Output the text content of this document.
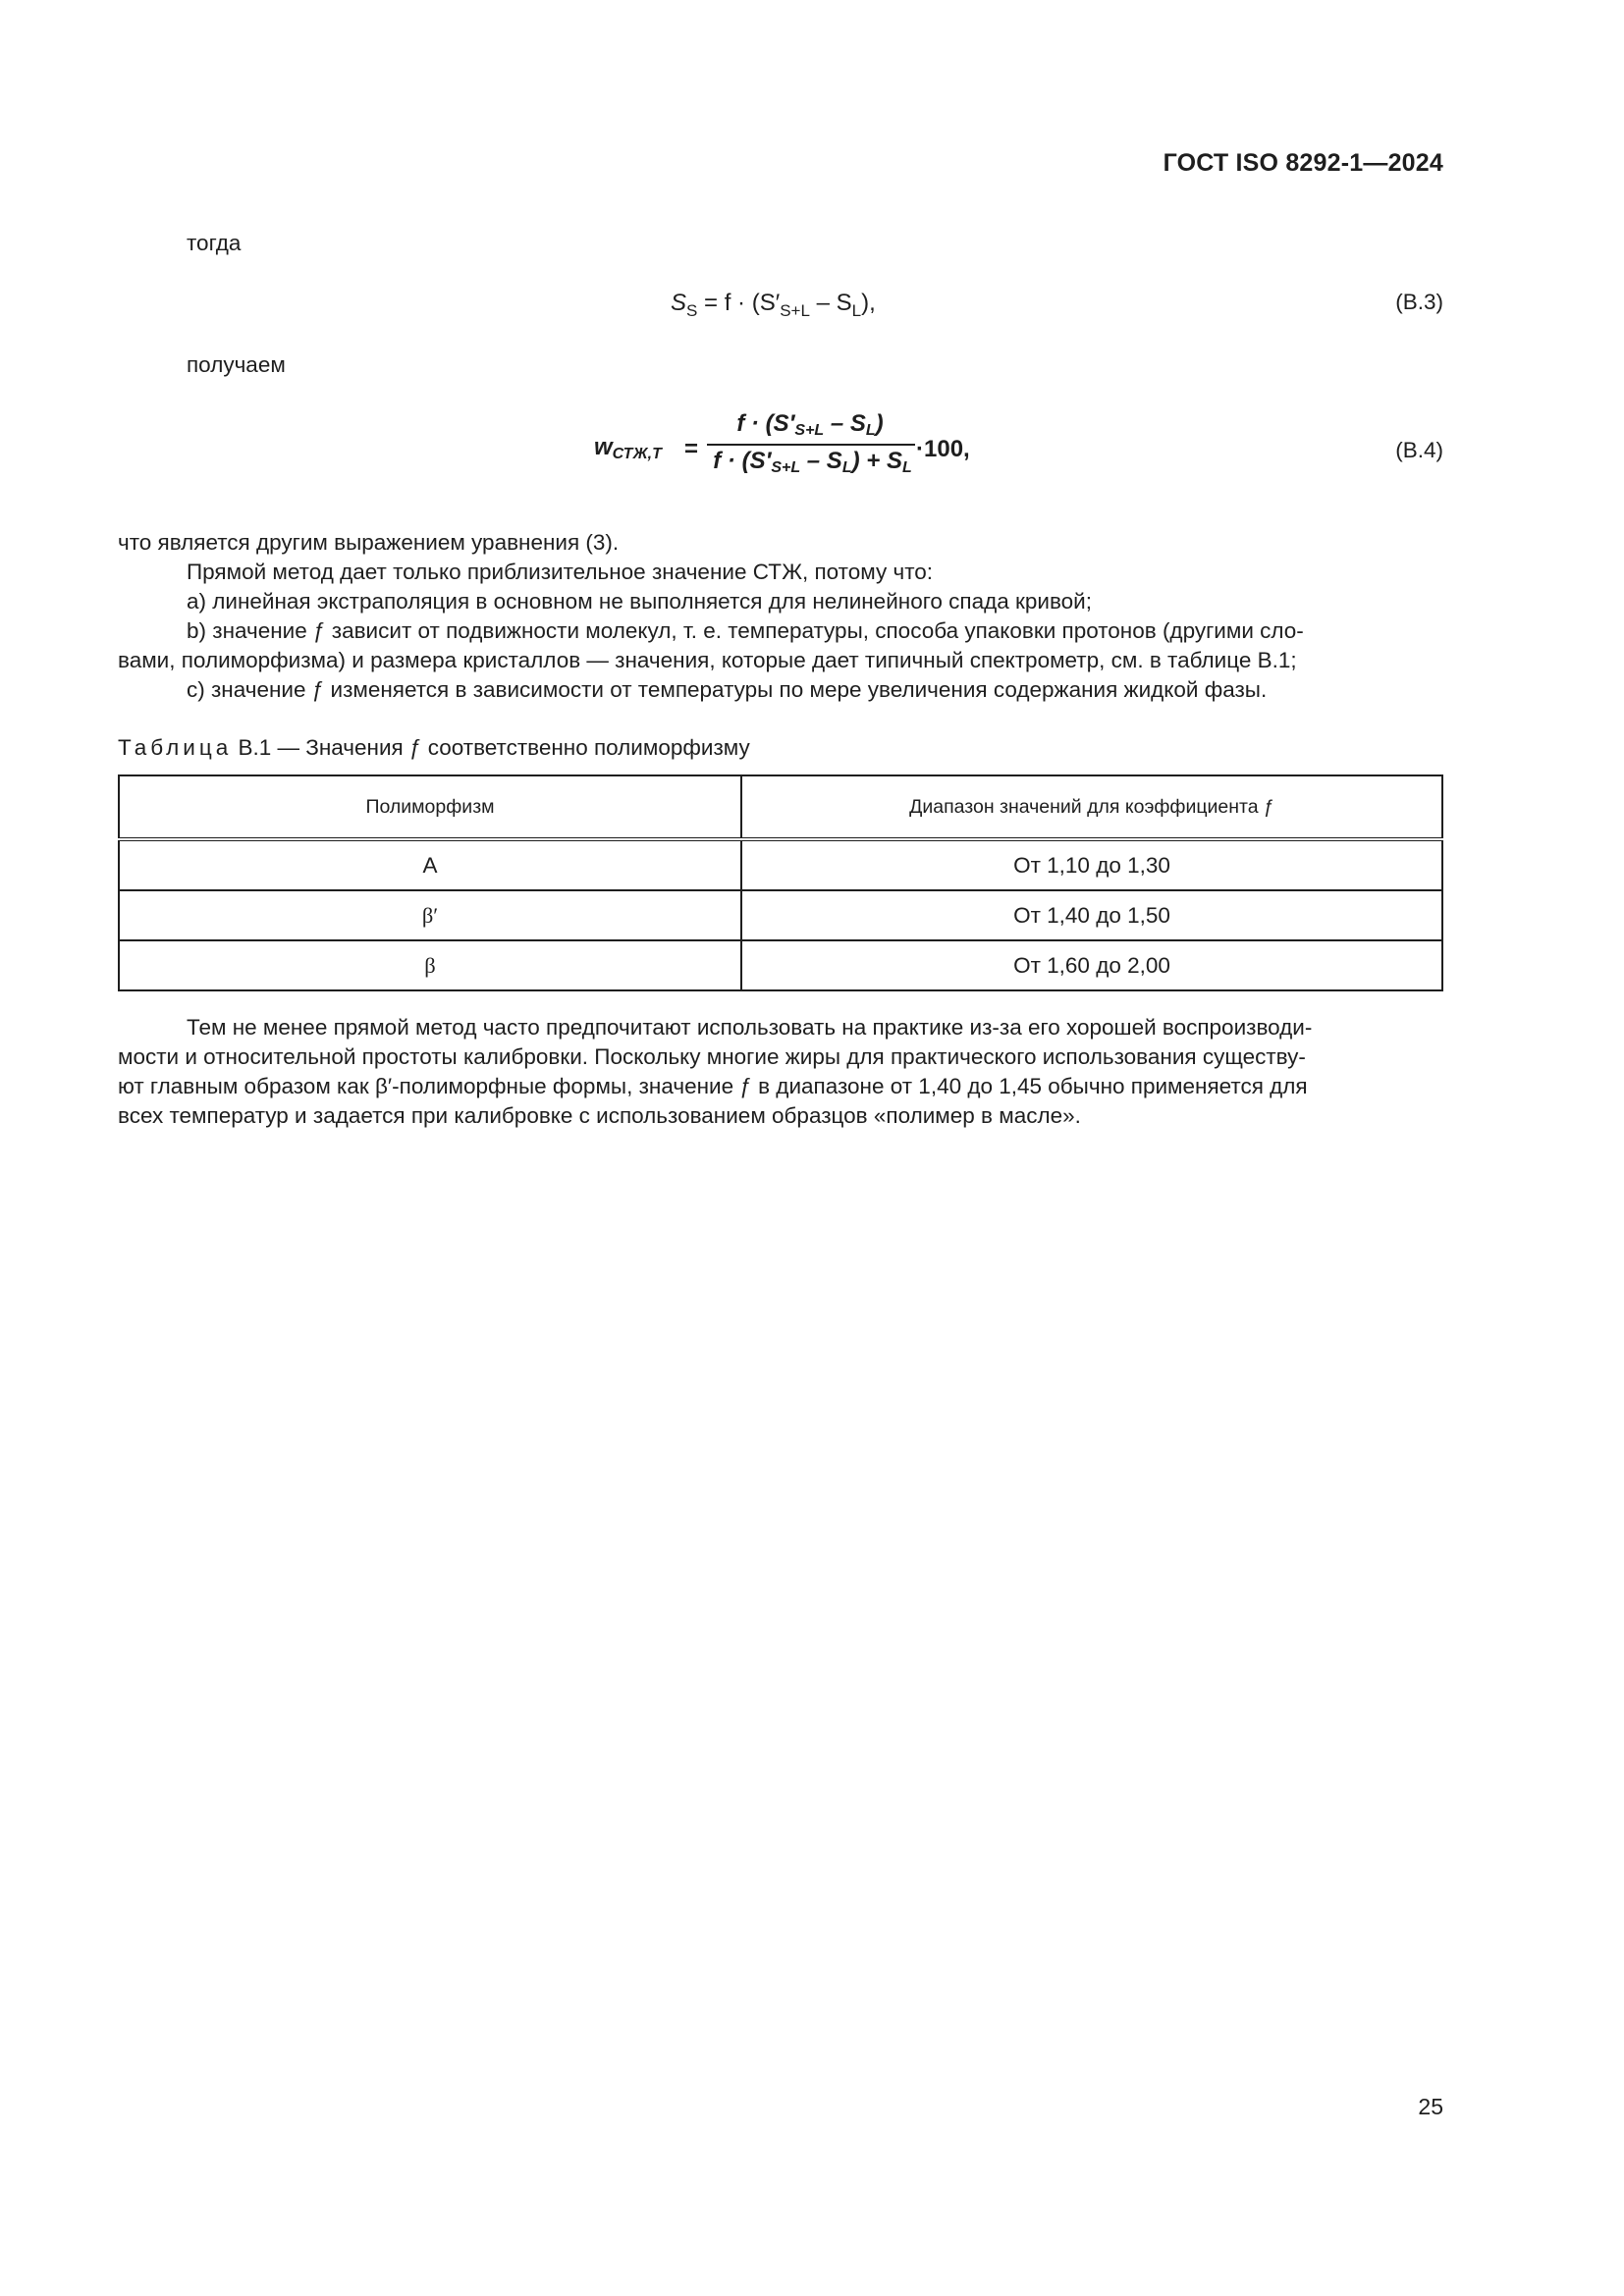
ГОСТ ISO 8292-1—2024
тогда
$S_S = f \cdot (S'_{S+L} - S_L)$,	(B.3)
получаем
wСТЖ,T =
f · (S′S+L – SL)
f · (S′S+L – SL) + SL
·100,	(B.4)
что является другим выражением уравнения (3).
Прямой метод дает только приблизительное значение СТЖ, потому что:
a) линейная экстраполяция в основном не выполняется для нелинейного спада кривой;
b) значение ƒ зависит от подвижности молекул, т. е. температуры, способа упаковки протонов (другими сло-
вами, полиморфизма) и размера кристаллов — значения, которые дает типичный спектрометр, см. в таблице В.1;
c) значение ƒ изменяется в зависимости от температуры по мере увеличения содержания жидкой фазы.
Таблица В.1 — Значения ƒ соответственно полиморфизму
Полиморфизм	Диапазон значений для коэффициента ƒ
A	От 1,10 до 1,30
β′	От 1,40 до 1,50
β	От 1,60 до 2,00
Тем не менее прямой метод часто предпочитают использовать на практике из-за его хорошей воспроизводи-
мости и относительной простоты калибровки. Поскольку многие жиры для практического использования существу-
ют главным образом как β′-полиморфные формы, значение ƒ в диапазоне от 1,40 до 1,45 обычно применяется для
всех температур и задается при калибровке с использованием образцов «полимер в масле».
25
